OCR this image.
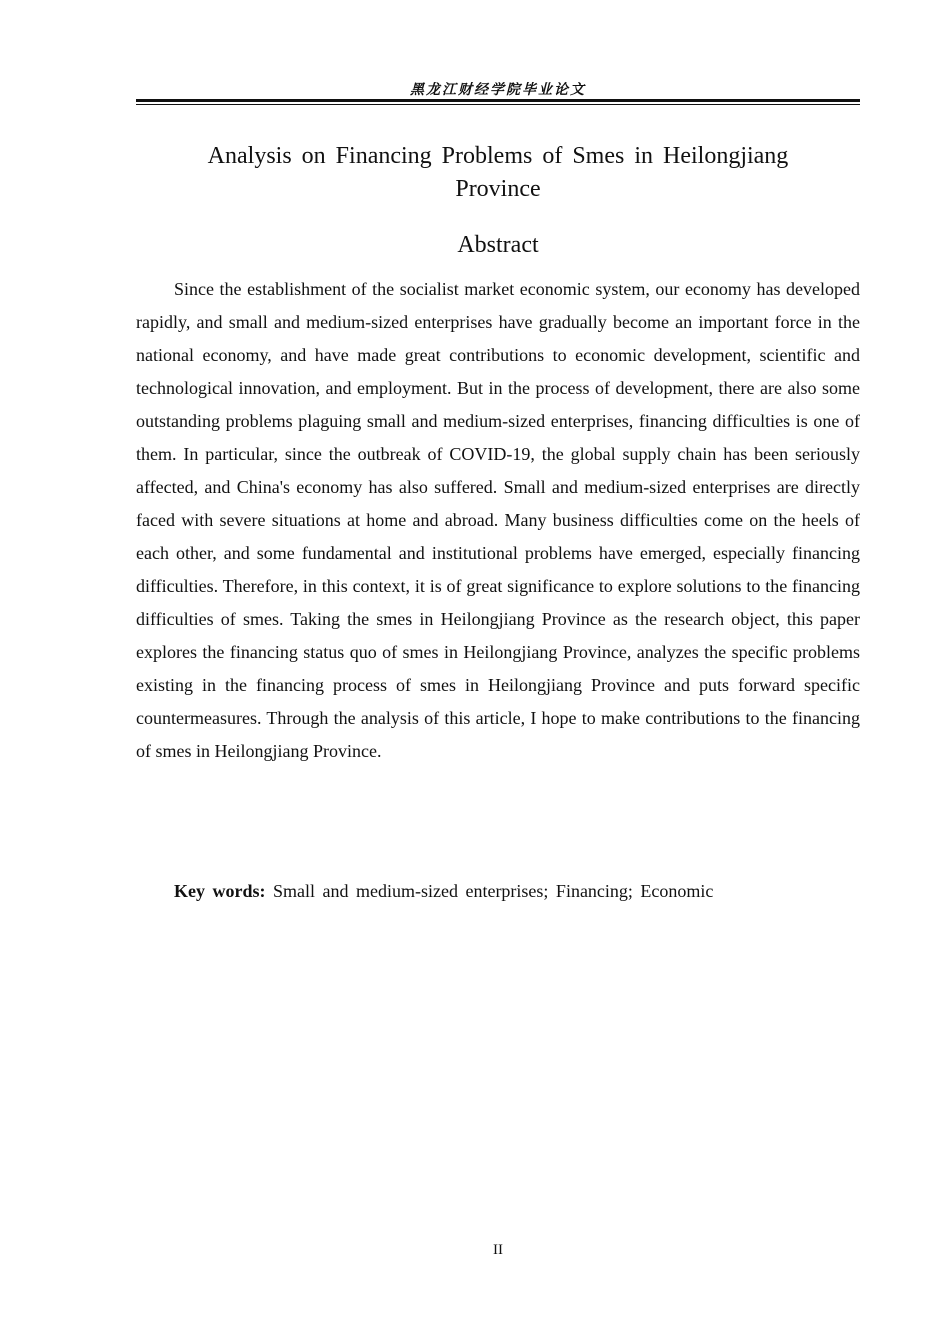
黑龙江财经学院毕业论文
Analysis on Financing Problems of Smes in Heilongjiang Province
Abstract

Since the establishment of the socialist market economic system, our economy has developed rapidly, and small and medium-sized enterprises have gradually become an important force in the national economy, and have made great contributions to economic development, scientific and technological innovation, and employment. But in the process of development, there are also some outstanding problems plaguing small and medium-sized enterprises, financing difficulties is one of them. In particular, since the outbreak of COVID-19, the global supply chain has been seriously affected, and China's economy has also suffered. Small and medium-sized enterprises are directly faced with severe situations at home and abroad. Many business difficulties come on the heels of each other, and some fundamental and institutional problems have emerged, especially financing difficulties. Therefore, in this context, it is of great significance to explore solutions to the financing difficulties of smes. Taking the smes in Heilongjiang Province as the research object, this paper explores the financing status quo of smes in Heilongjiang Province, analyzes the specific problems existing in the financing process of smes in Heilongjiang Province and puts forward specific countermeasures. Through the analysis of this article, I hope to make contributions to the financing of smes in Heilongjiang Province.

Key words: Small and medium-sized enterprises; Financing; Economic
II
